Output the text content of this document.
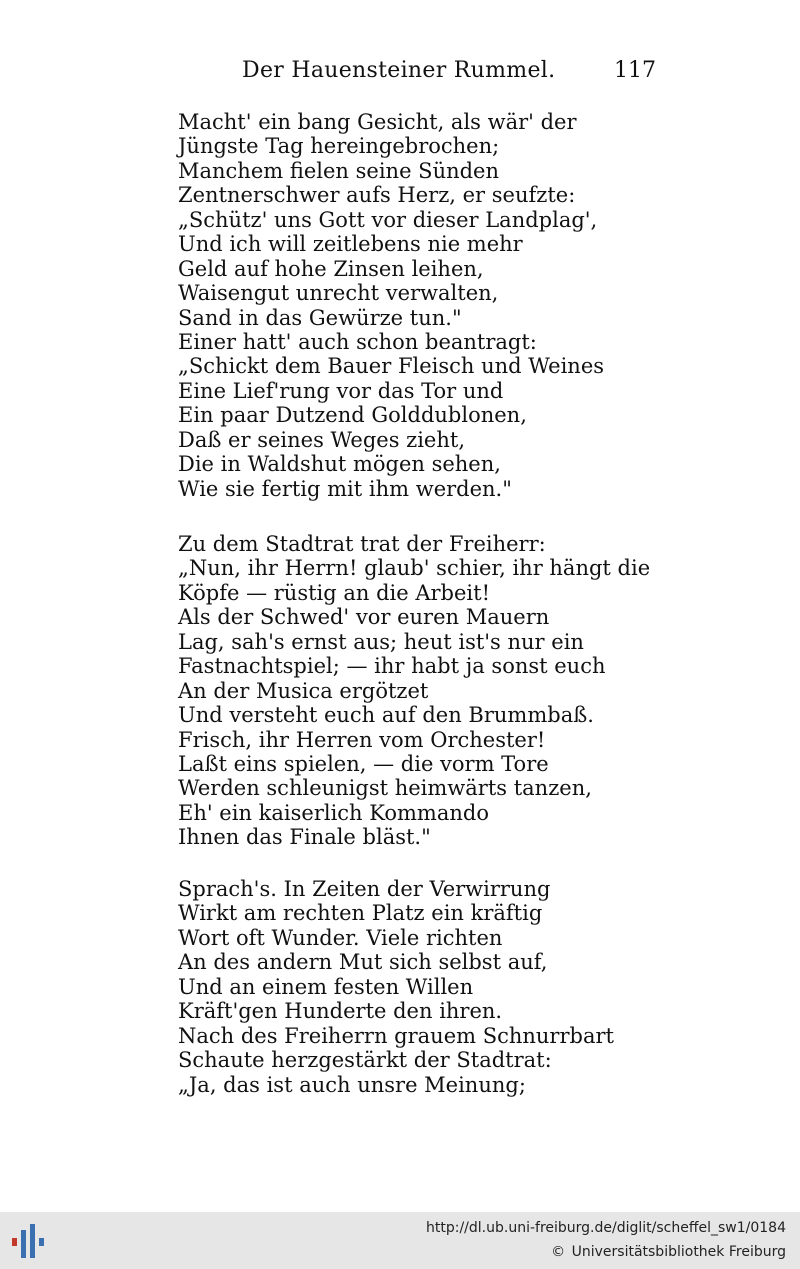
Der Hauensteiner Rummel.	117
Macht' ein bang Gesicht, als wär' der
Jüngste Tag hereingebrochen;
Manchem fielen seine Sünden
Zentnerschwer aufs Herz, er seufzte:
„Schütz' uns Gott vor dieser Landplag',
Und ich will zeitlebens nie mehr
Geld auf hohe Zinsen leihen,
Waisengut unrecht verwalten,
Sand in das Gewürze tun."
Einer hatt' auch schon beantragt:
„Schickt dem Bauer Fleisch und Weines
Eine Lief'rung vor das Tor und
Ein paar Dutzend Golddublonen,
Daß er seines Weges zieht,
Die in Waldshut mögen sehen,
Wie sie fertig mit ihm werden."
Zu dem Stadtrat trat der Freiherr:
„Nun, ihr Herrn! glaub' schier, ihr hängt die
Köpfe — rüstig an die Arbeit!
Als der Schwed' vor euren Mauern
Lag, sah's ernst aus; heut ist's nur ein
Fastnachtspiel; — ihr habt ja sonst euch
An der Musica ergötzet
Und versteht euch auf den Brummbaß.
Frisch, ihr Herren vom Orchester!
Laßt eins spielen, — die vorm Tore
Werden schleunigst heimwärts tanzen,
Eh' ein kaiserlich Kommando
Ihnen das Finale bläst."
Sprach's. In Zeiten der Verwirrung
Wirkt am rechten Platz ein kräftig
Wort oft Wunder. Viele richten
An des andern Mut sich selbst auf,
Und an einem festen Willen
Kräft'gen Hunderte den ihren.
Nach des Freiherrn grauem Schnurrbart
Schaute herzgestärkt der Stadtrat:
„Ja, das ist auch unsre Meinung;
http://dl.ub.uni-freiburg.de/diglit/scheffel_sw1/0184
© Universitätsbibliothek Freiburg
